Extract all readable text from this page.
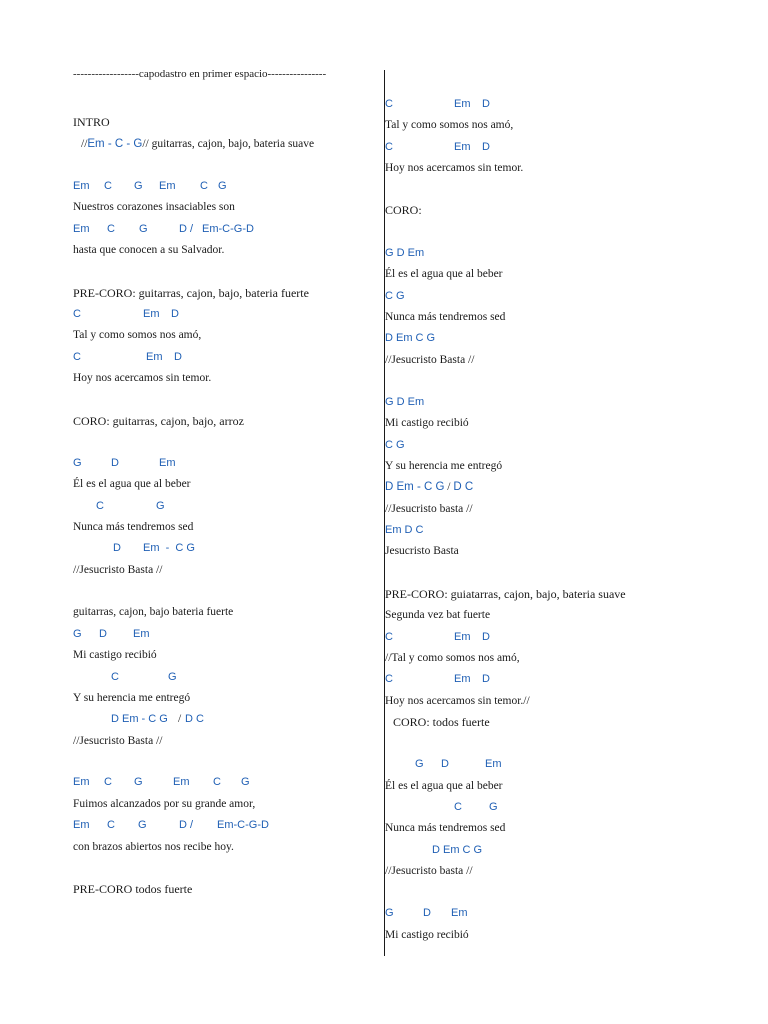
------------------capodastro en primer espacio----------------
INTRO
//Em - C - G// guitarras, cajon, bajo, bateria suave
Em C G Em C G
Nuestros corazones insaciables son
Em C G	D / Em-C-G-D
hasta que conocen a su Salvador.
PRE-CORO: guitarras, cajon, bajo, bateria fuerte
C	Em D
Tal y como somos nos amó,
C	Em D
Hoy nos acercamos sin temor.
CORO: guitarras, cajon, bajo, arroz
G	D	Em
Él es el agua que al beber
C	G
Nunca más tendremos sed
D Em  -  C G
//Jesucristo Basta //
guitarras, cajon, bajo bateria fuerte
G D Em
Mi castigo recibió
C	G
Y su herencia me entregó
D Em - C G / D C
//Jesucristo Basta //
Em C G	Em C G
Fuimos alcanzados por su grande amor,
Em C G	D / Em-C-G-D
con brazos abiertos nos recibe hoy.
PRE-CORO todos fuerte
C	Em D
Tal y como somos nos amó,
C	Em D
Hoy nos acercamos sin temor.
CORO:
G D Em
Él es el agua que al beber
C G
Nunca más tendremos sed
D Em C G
//Jesucristo Basta //
G D Em
Mi castigo recibió
C G
Y su herencia me entregó
D Em - C G / D C
//Jesucristo basta //
Em D C
Jesucristo Basta
PRE-CORO: guiatarras, cajon, bajo, bateria suave
Segunda vez bat fuerte
C	Em D
//Tal y como somos nos amó,
C	Em D
Hoy nos acercamos sin temor.//
CORO: todos fuerte
G D	Em
Él es el agua que al beber
C G
Nunca más tendremos sed
D Em C G
//Jesucristo basta //
G	D Em
Mi castigo recibió
